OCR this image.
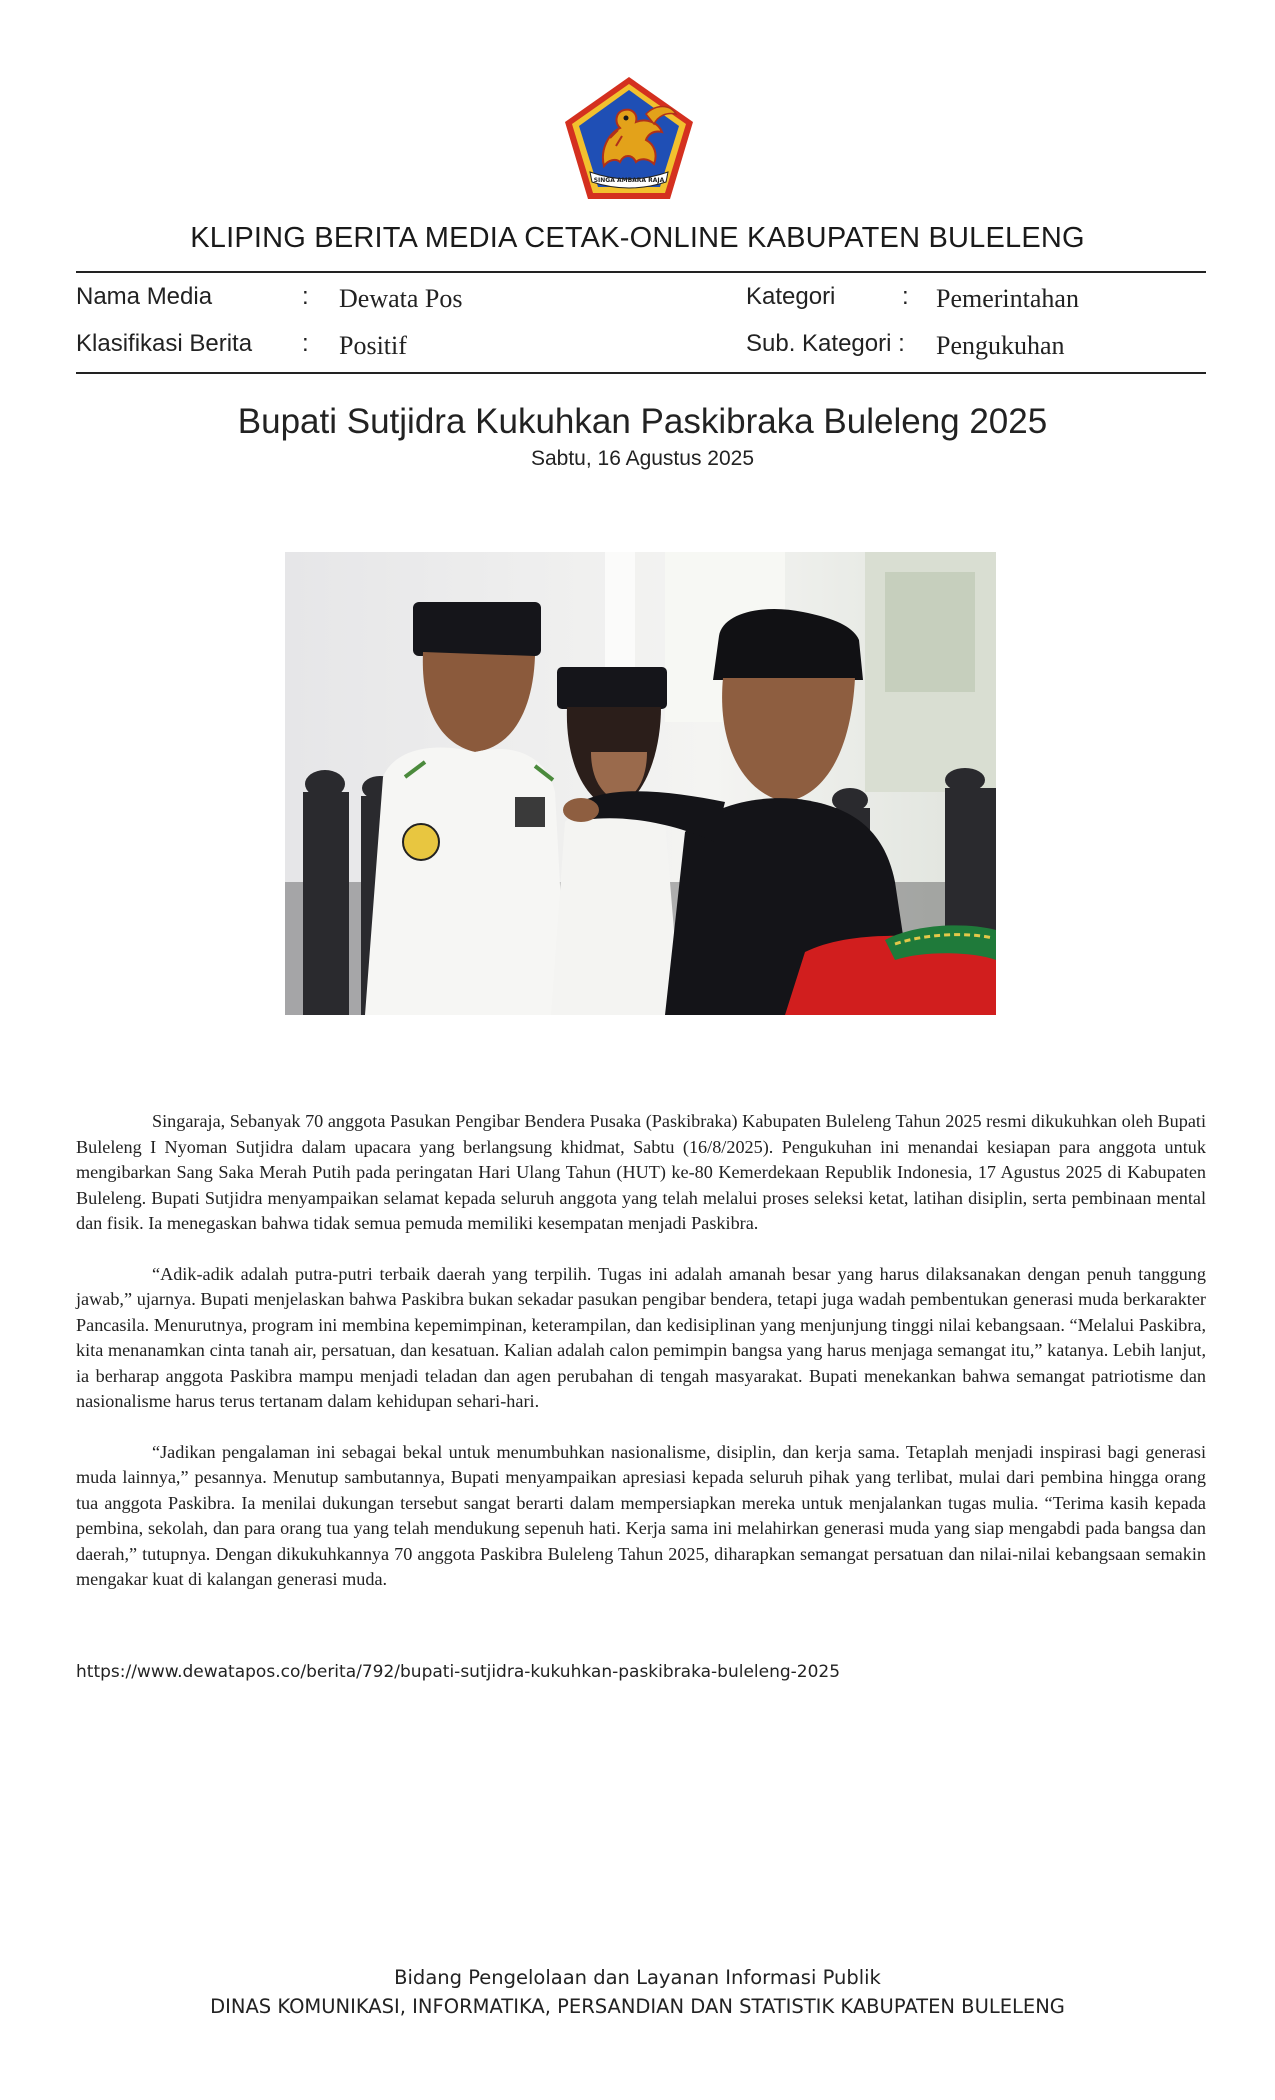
SINGA AMBARA RAJA
KLIPING BERITA MEDIA CETAK-ONLINE KABUPATEN BULELENG
Nama Media	: Dewata Pos	Kategori	: Pemerintahan
Klasifikasi Berita : Positif	Sub. Kategori : Pengukuhan
Bupati Sutjidra Kukuhkan Paskibraka Buleleng 2025
Sabtu, 16 Agustus 2025

Singaraja, Sebanyak 70 anggota Pasukan Pengibar Bendera Pusaka (Paskibraka) Kabupaten Buleleng Tahun 2025 resmi dikukuhkan oleh Bupati Buleleng I Nyoman Sutjidra dalam upacara yang berlangsung khidmat, Sabtu (16/8/2025). Pengukuhan ini menandai kesiapan para anggota untuk mengibarkan Sang Saka Merah Putih pada peringatan Hari Ulang Tahun (HUT) ke-80 Kemerdekaan Republik Indonesia, 17 Agustus 2025 di Kabupaten Buleleng. Bupati Sutjidra menyampaikan selamat kepada seluruh anggota yang telah melalui proses seleksi ketat, latihan disiplin, serta pembinaan mental dan fisik. Ia menegaskan bahwa tidak semua pemuda memiliki kesempatan menjadi Paskibra.

“Adik-adik adalah putra-putri terbaik daerah yang terpilih. Tugas ini adalah amanah besar yang harus dilaksanakan dengan penuh tanggung jawab,” ujarnya. Bupati menjelaskan bahwa Paskibra bukan sekadar pasukan pengibar bendera, tetapi juga wadah pembentukan generasi muda berkarakter Pancasila. Menurutnya, program ini membina kepemimpinan, keterampilan, dan kedisiplinan yang menjunjung tinggi nilai kebangsaan. “Melalui Paskibra, kita menanamkan cinta tanah air, persatuan, dan kesatuan. Kalian adalah calon pemimpin bangsa yang harus menjaga semangat itu,” katanya. Lebih lanjut, ia berharap anggota Paskibra mampu menjadi teladan dan agen perubahan di tengah masyarakat. Bupati menekankan bahwa semangat patriotisme dan nasionalisme harus terus tertanam dalam kehidupan sehari-hari.

“Jadikan pengalaman ini sebagai bekal untuk menumbuhkan nasionalisme, disiplin, dan kerja sama. Tetaplah menjadi inspirasi bagi generasi muda lainnya,” pesannya. Menutup sambutannya, Bupati menyampaikan apresiasi kepada seluruh pihak yang terlibat, mulai dari pembina hingga orang tua anggota Paskibra. Ia menilai dukungan tersebut sangat berarti dalam mempersiapkan mereka untuk menjalankan tugas mulia. “Terima kasih kepada pembina, sekolah, dan para orang tua yang telah mendukung sepenuh hati. Kerja sama ini melahirkan generasi muda yang siap mengabdi pada bangsa dan daerah,” tutupnya. Dengan dikukuhkannya 70 anggota Paskibra Buleleng Tahun 2025, diharapkan semangat persatuan dan nilai-nilai kebangsaan semakin mengakar kuat di kalangan generasi muda.

https://www.dewatapos.co/berita/792/bupati-sutjidra-kukuhkan-paskibraka-buleleng-2025
Bidang Pengelolaan dan Layanan Informasi Publik
DINAS KOMUNIKASI, INFORMATIKA, PERSANDIAN DAN STATISTIK KABUPATEN BULELENG
